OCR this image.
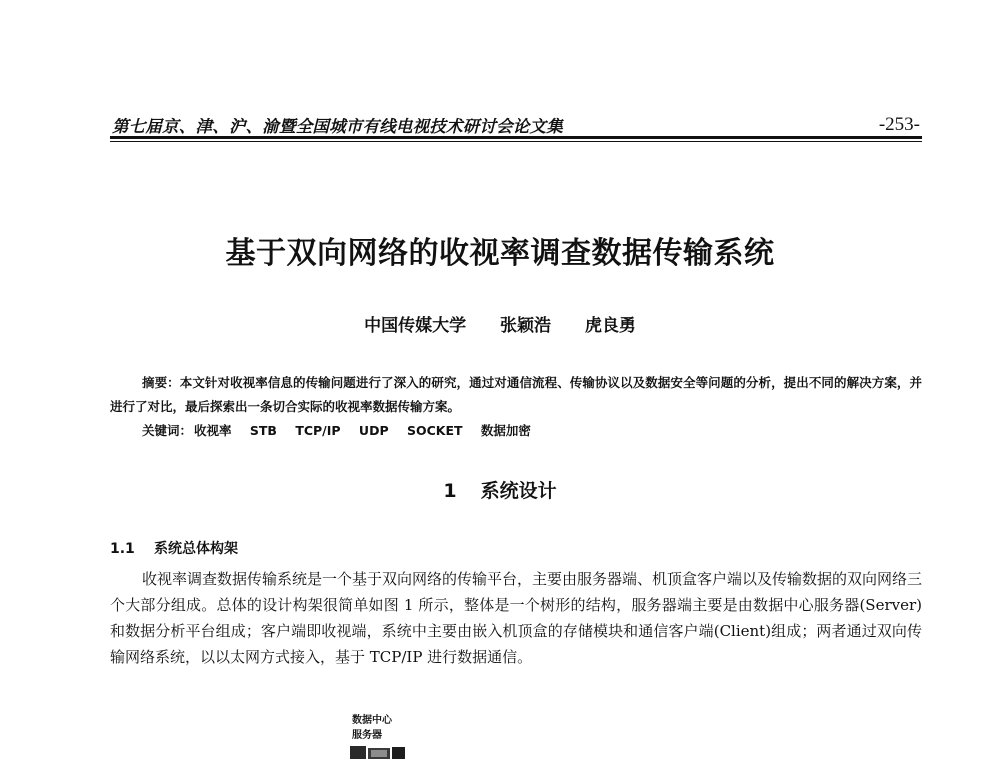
第七届京、津、沪、渝暨全国城市有线电视技术研讨会论文集	-253-
基于双向网络的收视率调查数据传输系统
中国传媒大学 张颖浩 虎良勇

摘要：本文针对收视率信息的传输问题进行了深入的研究，通过对通信流程、传输协议以及数据安全等问题的分析，提出不同的解决方案，并进行了对比，最后探索出一条切合实际的收视率数据传输方案。

关键词： 收视率 STB TCP/IP UDP SOCKET 数据加密
1 系统设计
1.1 系统总体构架

收视率调查数据传输系统是一个基于双向网络的传输平台，主要由服务器端、机顶盒客户端以及传输数据的双向网络三个大部分组成。总体的设计构架很简单如图 1 所示，整体是一个树形的结构，服务器端主要是由数据中心服务器(Server)和数据分析平台组成；客户端即收视端，系统中主要由嵌入机顶盒的存储模块和通信客户端(Client)组成；两者通过双向传输网络系统，以以太网方式接入，基于 TCP/IP 进行数据通信。

数据中心
服务器
